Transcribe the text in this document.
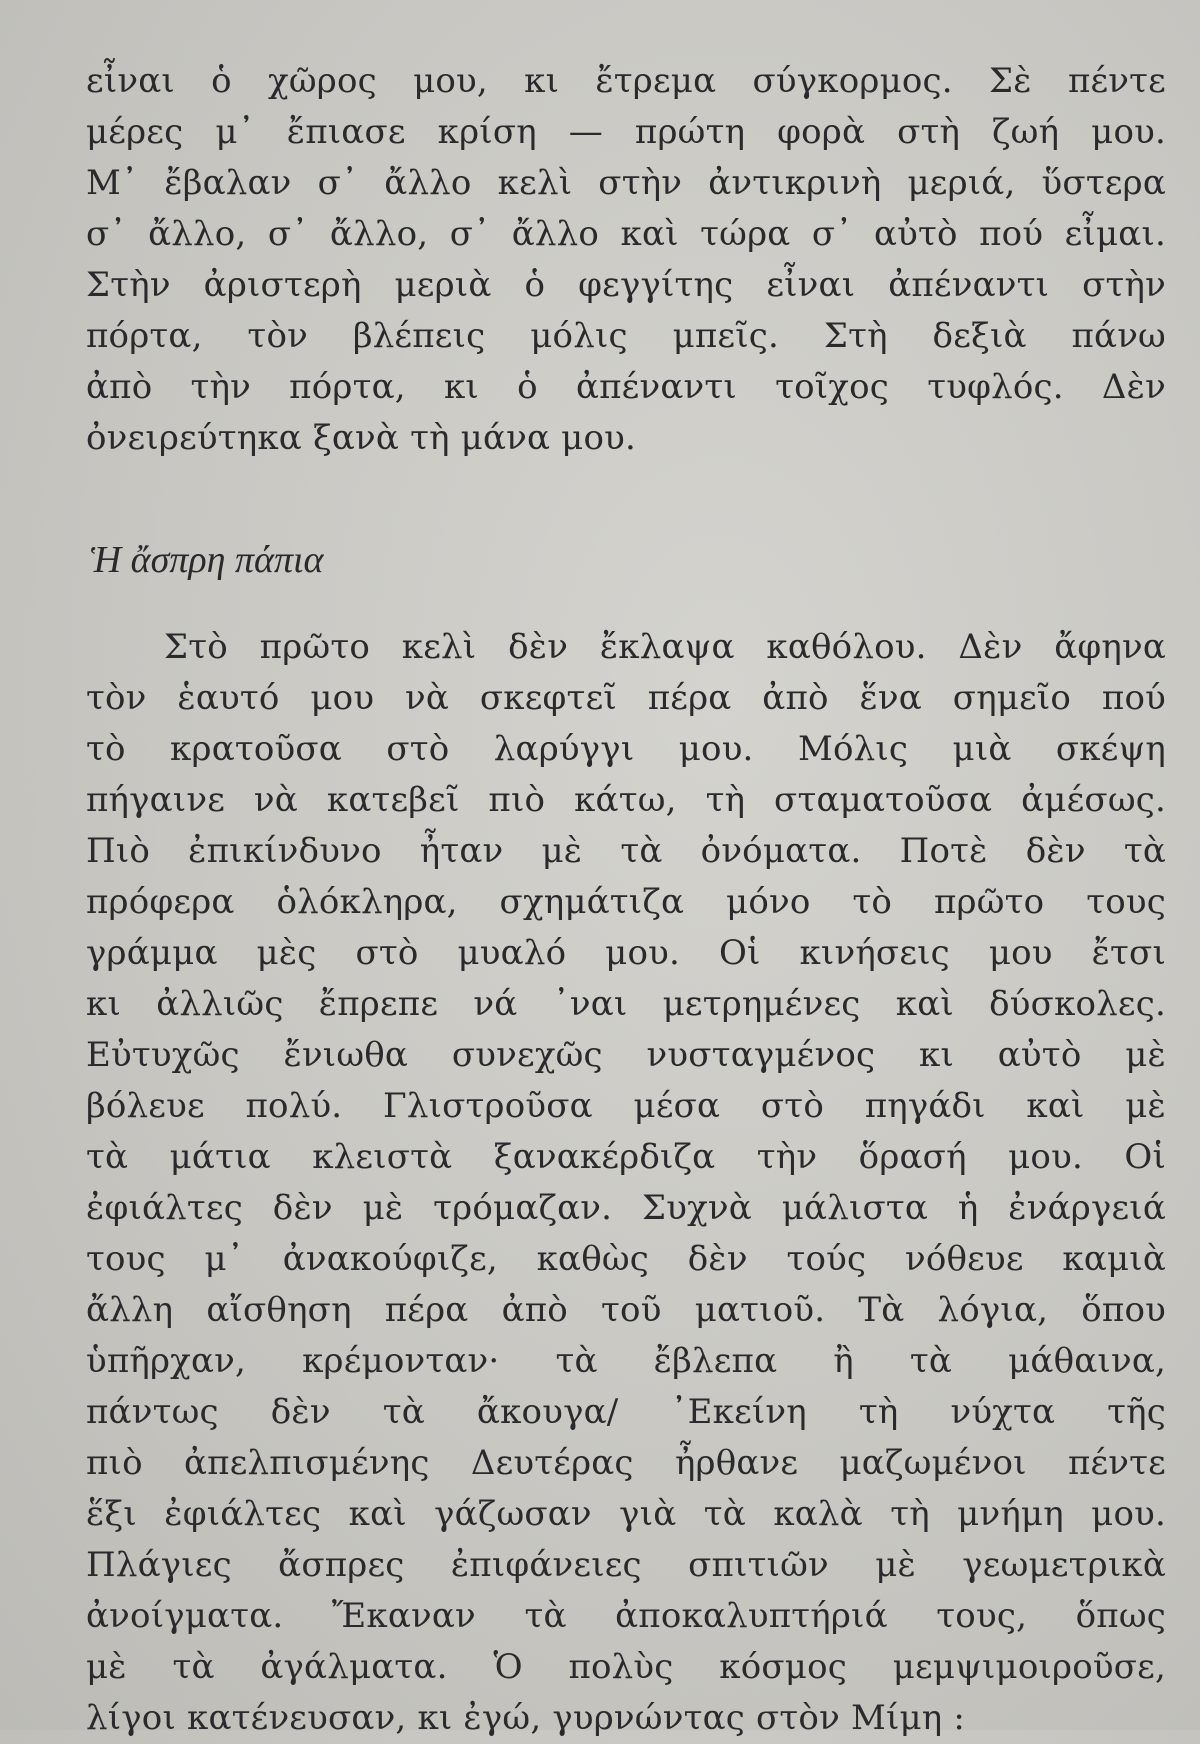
εἶναι ὁ χῶρος μου, κι ἔτρεμα σύγκορμος. Σὲ πέντε
μέρες μ᾽ ἔπιασε κρίση — πρώτη φορὰ στὴ ζωή μου.
Μ᾽ ἔβαλαν σ᾽ ἄλλο κελὶ στὴν ἀντικρινὴ μεριά, ὕστερα
σ᾽ ἄλλο, σ᾽ ἄλλο, σ᾽ ἄλλο καὶ τώρα σ᾽ αὐτὸ πού εἶμαι.
Στὴν ἀριστερὴ μεριὰ ὁ φεγγίτης εἶναι ἀπέναντι στὴν
πόρτα, τὸν βλέπεις μόλις μπεῖς. Στὴ δεξιὰ πάνω
ἀπὸ τὴν πόρτα, κι ὁ ἀπέναντι τοῖχος τυφλός. Δὲν
ὀνειρεύτηκα ξανὰ τὴ μάνα μου.
Ἡ ἄσπρη πάπια
Στὸ πρῶτο κελὶ δὲν ἔκλαψα καθόλου. Δὲν ἄφηνα
τὸν ἑαυτό μου νὰ σκεφτεῖ πέρα ἀπὸ ἕνα σημεῖο πού
τὸ κρατοῦσα στὸ λαρύγγι μου. Μόλις μιὰ σκέψη
πήγαινε νὰ κατεβεῖ πιὸ κάτω, τὴ σταματοῦσα ἀμέσως.
Πιὸ ἐπικίνδυνο ἦταν μὲ τὰ ὀνόματα. Ποτὲ δὲν τὰ
πρόφερα ὁλόκληρα, σχημάτιζα μόνο τὸ πρῶτο τους
γράμμα μὲς στὸ μυαλό μου. Οἱ κινήσεις μου ἔτσι
κι ἀλλιῶς ἔπρεπε νά ᾽ναι μετρημένες καὶ δύσκολες.
Εὐτυχῶς ἔνιωθα συνεχῶς νυσταγμένος κι αὐτὸ μὲ
βόλευε πολύ. Γλιστροῦσα μέσα στὸ πηγάδι καὶ μὲ
τὰ μάτια κλειστὰ ξανακέρδιζα τὴν ὅρασή μου. Οἱ
ἐφιάλτες δὲν μὲ τρόμαζαν. Συχνὰ μάλιστα ἡ ἐνάργειά
τους μ᾽ ἀνακούφιζε, καθὼς δὲν τούς νόθευε καμιὰ
ἄλλη αἴσθηση πέρα ἀπὸ τοῦ ματιοῦ. Τὰ λόγια, ὅπου
ὑπῆρχαν, κρέμονταν· τὰ ἔβλεπα ἢ τὰ μάθαινα,
πάντως δὲν τὰ ἄκουγα/ ᾽Εκείνη τὴ νύχτα τῆς
πιὸ ἀπελπισμένης Δευτέρας ἦρθανε μαζωμένοι πέντε
ἕξι ἐφιάλτες καὶ γάζωσαν γιὰ τὰ καλὰ τὴ μνήμη μου.
Πλάγιες ἄσπρες ἐπιφάνειες σπιτιῶν μὲ γεωμετρικὰ
ἀνοίγματα. Ἔκαναν τὰ ἀποκαλυπτήριά τους, ὅπως
μὲ τὰ ἀγάλματα. Ὁ πολὺς κόσμος μεμψιμοιροῦσε,
λίγοι κατένευσαν, κι ἐγώ, γυρνώντας στὸν Μίμη :
